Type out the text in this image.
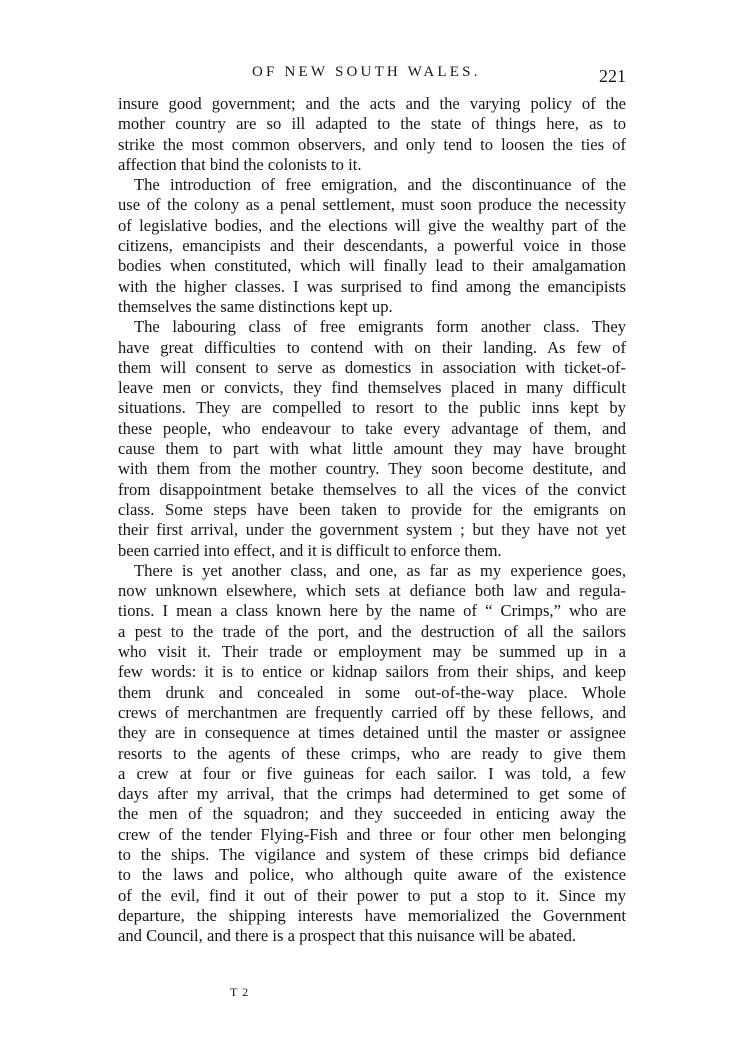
OF NEW SOUTH WALES.	221
insure good government; and the acts and the varying policy of the
mother country are so ill adapted to the state of things here, as to
strike the most common observers, and only tend to loosen the ties of
affection that bind the colonists to it.
The introduction of free emigration, and the discontinuance of the
use of the colony as a penal settlement, must soon produce the necessity
of legislative bodies, and the elections will give the wealthy part of the
citizens, emancipists and their descendants, a powerful voice in those
bodies when constituted, which will finally lead to their amalgamation
with the higher classes. I was surprised to find among the emancipists
themselves the same distinctions kept up.
The labouring class of free emigrants form another class. They
have great difficulties to contend with on their landing. As few of
them will consent to serve as domestics in association with ticket-of-
leave men or convicts, they find themselves placed in many difficult
situations. They are compelled to resort to the public inns kept by
these people, who endeavour to take every advantage of them, and
cause them to part with what little amount they may have brought
with them from the mother country. They soon become destitute, and
from disappointment betake themselves to all the vices of the convict
class. Some steps have been taken to provide for the emigrants on
their first arrival, under the government system ; but they have not yet
been carried into effect, and it is difficult to enforce them.
There is yet another class, and one, as far as my experience goes,
now unknown elsewhere, which sets at defiance both law and regula-
tions. I mean a class known here by the name of “ Crimps,” who are
a pest to the trade of the port, and the destruction of all the sailors
who visit it. Their trade or employment may be summed up in a
few words: it is to entice or kidnap sailors from their ships, and keep
them drunk and concealed in some out-of-the-way place. Whole
crews of merchantmen are frequently carried off by these fellows, and
they are in consequence at times detained until the master or assignee
resorts to the agents of these crimps, who are ready to give them
a crew at four or five guineas for each sailor. I was told, a few
days after my arrival, that the crimps had determined to get some of
the men of the squadron; and they succeeded in enticing away the
crew of the tender Flying-Fish and three or four other men belonging
to the ships. The vigilance and system of these crimps bid defiance
to the laws and police, who although quite aware of the existence
of the evil, find it out of their power to put a stop to it. Since my
departure, the shipping interests have memorialized the Government
and Council, and there is a prospect that this nuisance will be abated.
T 2
